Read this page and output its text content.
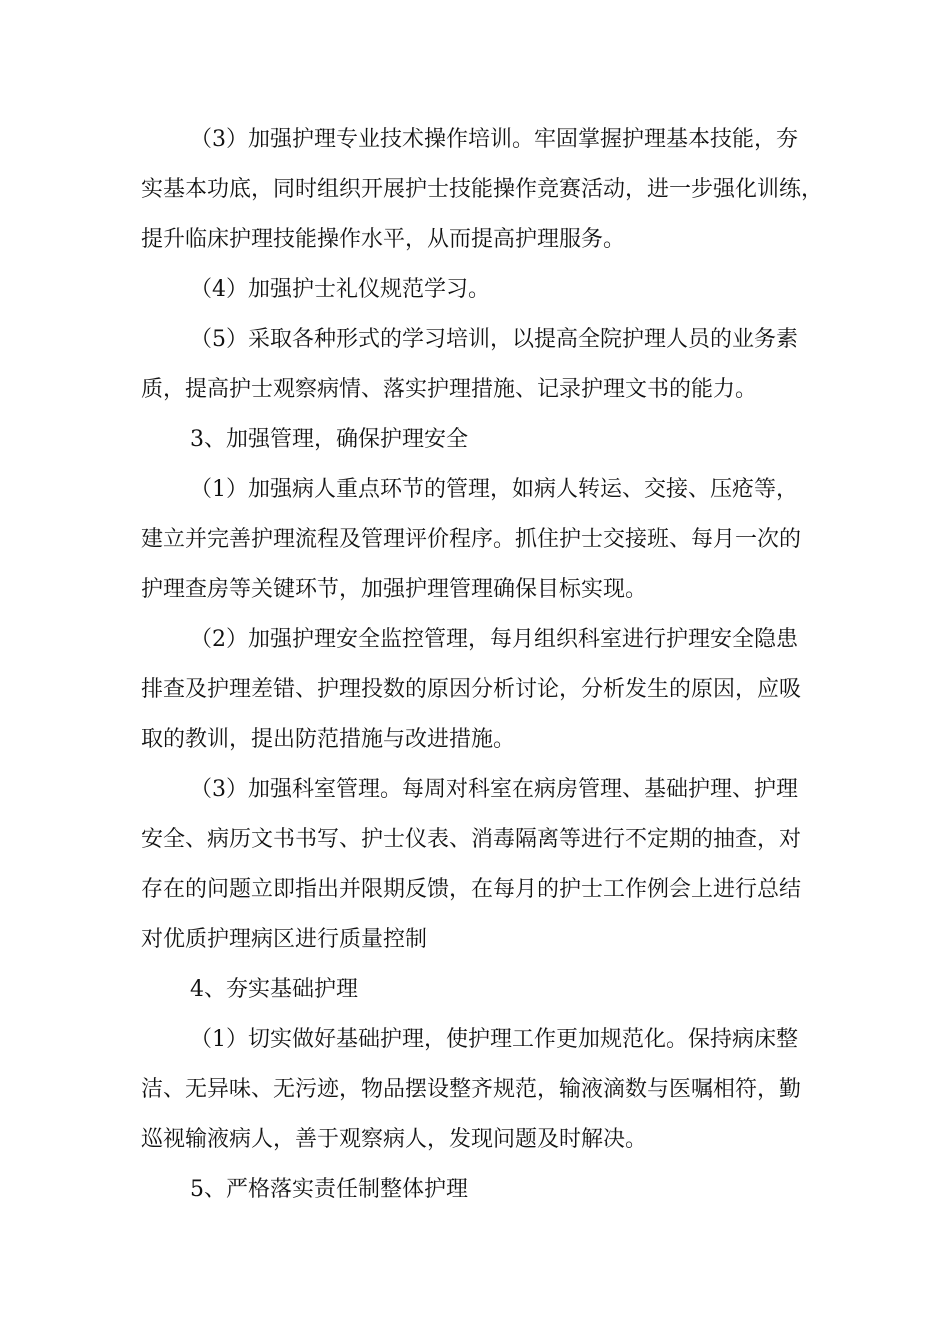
（3）加强护理专业技术操作培训。牢固掌握护理基本技能，夯
实基本功底，同时组织开展护士技能操作竞赛活动，进一步强化训练，
提升临床护理技能操作水平，从而提高护理服务。
（4）加强护士礼仪规范学习。
（5）采取各种形式的学习培训，以提高全院护理人员的业务素
质，提高护士观察病情、落实护理措施、记录护理文书的能力。
3、加强管理，确保护理安全
（1）加强病人重点环节的管理，如病人转运、交接、压疮等，
建立并完善护理流程及管理评价程序。抓住护士交接班、每月一次的
护理查房等关键环节，加强护理管理确保目标实现。
（2）加强护理安全监控管理，每月组织科室进行护理安全隐患
排查及护理差错、护理投数的原因分析讨论，分析发生的原因，应吸
取的教训，提出防范措施与改进措施。
（3）加强科室管理。每周对科室在病房管理、基础护理、护理
安全、病历文书书写、护士仪表、消毒隔离等进行不定期的抽查，对
存在的问题立即指出并限期反馈，在每月的护士工作例会上进行总结
对优质护理病区进行质量控制
4、夯实基础护理
（1）切实做好基础护理，使护理工作更加规范化。保持病床整
洁、无异味、无污迹，物品摆设整齐规范，输液滴数与医嘱相符，勤
巡视输液病人，善于观察病人，发现问题及时解决。
5、严格落实责任制整体护理
